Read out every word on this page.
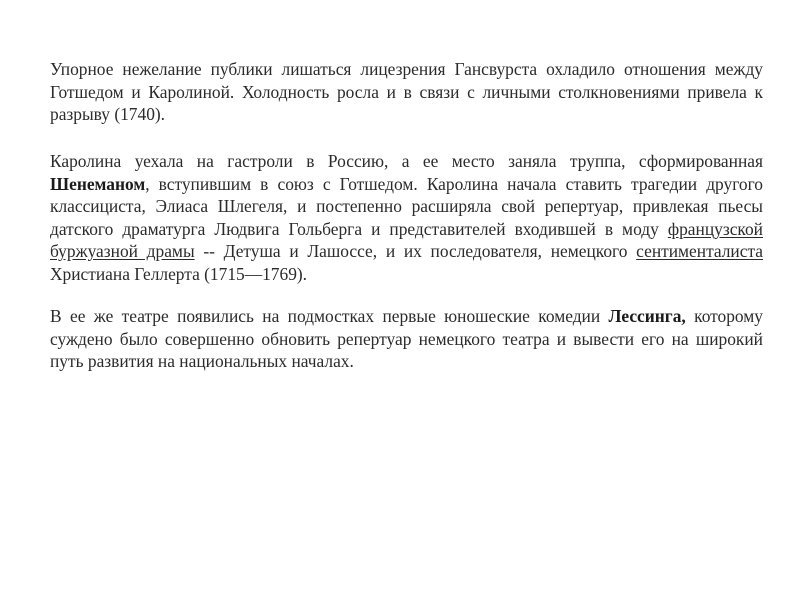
Упорное нежелание публики лишаться лицезрения Гансвурста охладило отношения между Готшедом и Каролиной. Холодность росла и в связи с личными столкновениями привела к разрыву (1740).

Каролина уехала на гастроли в Россию, а ее место заняла труппа, сформированная Шенеманом, вступившим в союз с Готшедом. Каролина начала ставить трагедии другого классициста, Элиаса Шлегеля, и постепенно расширяла свой репертуар, привлекая пьесы датского драматурга Людвига Гольберга и представителей входившей в моду французской буржуазной драмы -- Детуша и Лашоссе, и их последователя, немецкого сентименталиста Христиана Геллерта (1715—1769).

В ее же театре появились на подмостках первые юношеские комедии Лессинга, которому суждено было совершенно обновить репертуар немецкого театра и вывести его на широкий путь развития на национальных началах.
